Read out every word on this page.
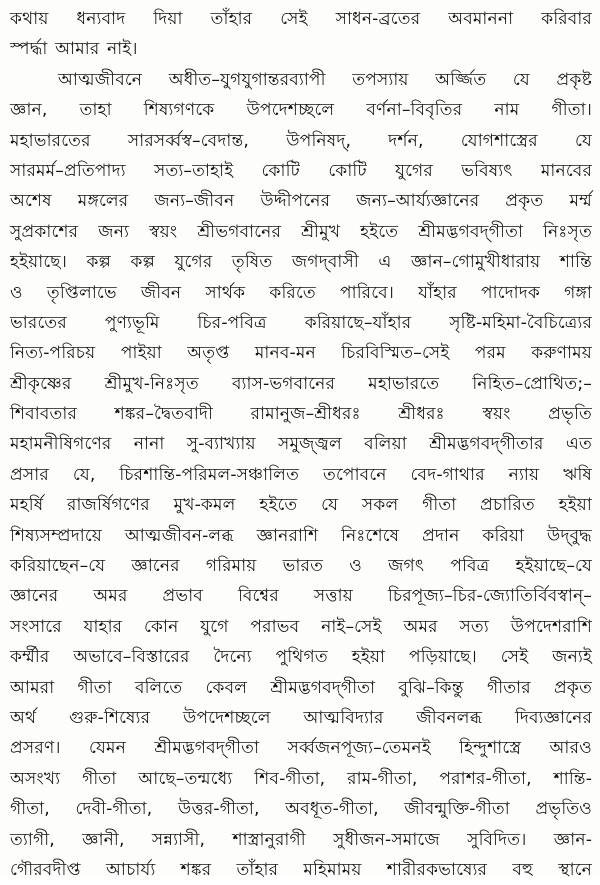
কথায় ধন্যবাদ দিয়া তাঁহার সেই সাধন-ব্রতের অবমাননা করিবার
স্পর্দ্ধা আমার নাই।
আত্মজীবনে অধীত–যুগযুগান্তরব্যাপী তপস্যায় অর্জ্জিত যে প্রকৃষ্ট
জ্ঞান, তাহা শিষ্যগণকে উপদেশচ্ছলে বর্ণনা–বিবৃতির নাম গীতা।
মহাভারতের সারসর্ব্বস্ব–বেদান্ত, উপনিষদ্‌, দর্শন, যোগশাস্ত্রের যে
সারমর্ম–প্রতিপাদ্য সত্য–তাহাই কোটি কোটি যুগের ভবিষ্যৎ মানবের
অশেষ মঙ্গলের জন্য–জীবন উদ্দীপনের জন্য–আর্য্যজ্ঞানের প্রকৃত মর্ম্ম
সুপ্রকাশের জন্য স্বয়ং শ্রীভগবানের শ্রীমুখ হইতে শ্রীমদ্ভগবদ্‌গীতা নিঃসৃত
হইয়াছে। কল্প কল্প যুগের তৃষিত জগদ্‌বাসী এ জ্ঞান–গোমুখীধারায় শান্তি
ও তৃপ্তিলাভে জীবন সার্থক করিতে পারিবে। যাঁহার পাদোদক গঙ্গা
ভারতের পুণ্যভূমি চির-পবিত্র করিয়াছে–যাঁহার সৃষ্টি-মহিমা-বৈচিত্র্যের
নিত্য-পরিচয় পাইয়া অতৃপ্ত মানব-মন চিরবিস্মিত–সেই পরম করুণাময়
শ্রীকৃষ্ণের শ্রীমুখ-নিঃসৃত ব্যাস-ভগবানের মহাভারতে নিহিত–প্রোথিত;–
শিবাবতার শঙ্কর–দ্বৈতবাদী রামানুজ–শ্রীধরঃ শ্রীধরঃ স্বয়ং প্রভৃতি
মহামনীষিগণের নানা সু-ব্যাখ্যায় সমুজ্জ্বল বলিয়া শ্রীমদ্ভগবদ্‌গীতার এত
প্রসার যে, চিরশান্তি-পরিমল-সঞ্চালিত তপোবনে বেদ-গাথার ন্যায় ঋষি
মহর্ষি রাজর্ষিগণের মুখ-কমল হইতে যে সকল গীতা প্রচারিত হইয়া
শিষ্যসম্প্রদায়ে আত্মজীবন-লব্ধ জ্ঞানরাশি নিঃশেষে প্রদান করিয়া উদ্‌বুদ্ধ
করিয়াছেন–যে জ্ঞানের গরিমায় ভারত ও জগৎ পবিত্র হইয়াছে–যে
জ্ঞানের অমর প্রভাব বিশ্বের সত্তায় চিরপূজ্য–চির-জ্যোতির্বিবস্বান্‌–
সংসারে যাহার কোন যুগে পরাভব নাই–সেই অমর সত্য উপদেশরাশি
কর্ম্মীর অভাবে–বিস্তারের দৈন্যে পুথিগত হইয়া পড়িয়াছে। সেই জন্যই
আমরা গীতা বলিতে কেবল শ্রীমদ্ভগবদ্‌গীতা বুঝি–কিন্তু গীতার প্রকৃত
অর্থ গুরু-শিষ্যের উপদেশচ্ছলে আত্মবিদ্যার জীবনলব্ধ দিব্যজ্ঞানের
প্রসরণ। যেমন শ্রীমদ্ভগবদ্‌গীতা সর্ব্বজনপূজ্য–তেমনই হিন্দুশাস্ত্রে আরও
অসংখ্য গীতা আছে–তন্মধ্যে শিব-গীতা, রাম-গীতা, পরাশর-গীতা, শান্তি-
গীতা, দেবী-গীতা, উত্তর-গীতা, অবধূত-গীতা, জীবন্মুক্তি-গীতা প্রভৃতিও
ত্যাগী, জ্ঞানী, সন্ন্যাসী, শাস্ত্রানুরাগী সুধীজন-সমাজে সুবিদিত। জ্ঞান-
গৌরবদীপ্ত আচার্য্য শঙ্কর তাঁহার মহিমাময় শারীরকভাষ্যের বহু স্থানে
